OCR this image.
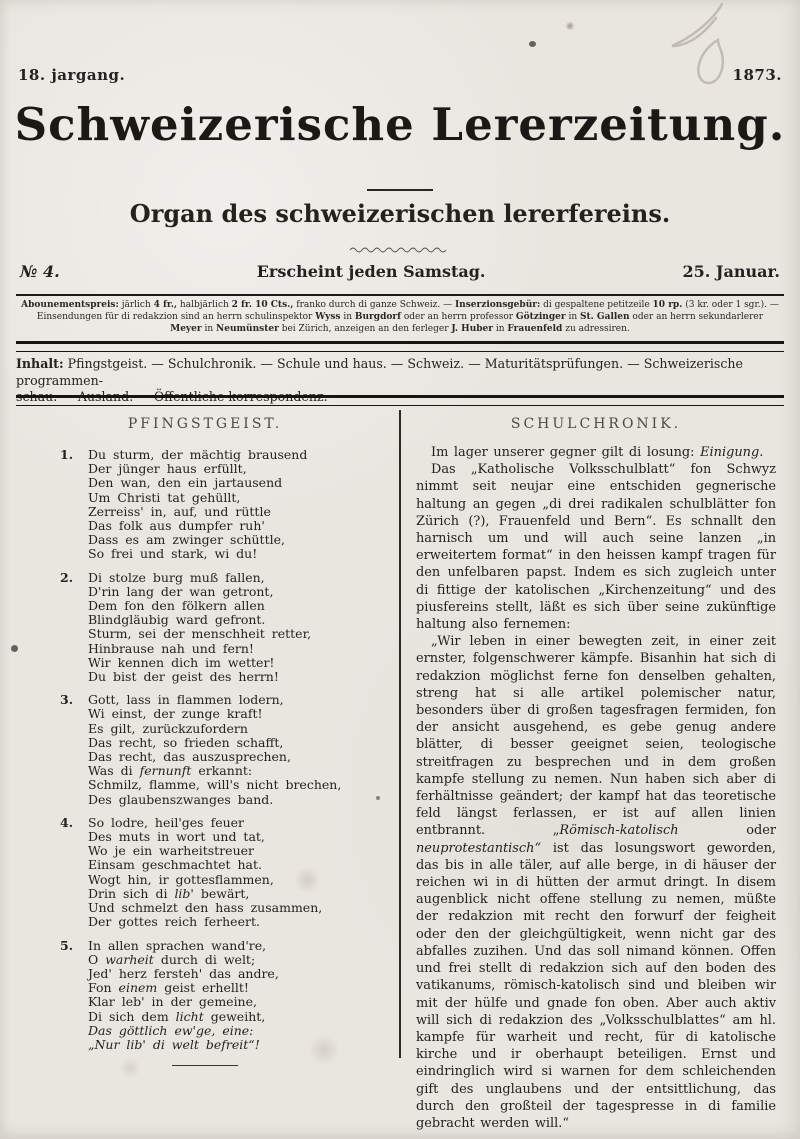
18. jargang.	1873.
Schweizerische Lererzeitung.
Organ des schweizerischen lererfereins.
№ 4.	Erscheint jeden Samstag.	25. Januar.
Abounementspreis: järlich 4 fr., halbjärlich 2 fr. 10 Cts., franko durch di ganze Schweiz. — Inserzionsgebür: di gespaltene petitzeile 10 rp. (3 kr. oder 1 sgr.). —
Einsendungen für di redakzion sind an herrn schulinspektor Wyss in Burgdorf oder an herrn professor Götzinger in St. Gallen oder an herrn sekundarlerer
Meyer in Neumünster bei Zürich, anzeigen an den ferleger J. Huber in Frauenfeld zu adressiren.
Inhalt: Pfingstgeist. — Schulchronik. — Schule und haus. — Schweiz. — Maturitätsprüfungen. — Schweizerische programmen-
schau. — Ausland. — Öffentliche korrespondenz.
PFINGSTGEIST.
1. Du sturm, der mächtig brausend
Der jünger haus erfüllt,
Den wan, den ein jartausend
Um Christi tat gehüllt,
Zerreiss' in, auf, und rüttle
Das folk aus dumpfer ruh'
Dass es am zwinger schüttle,
So frei und stark, wi du!
2. Di stolze burg muß fallen,
D'rin lang der wan getront,
Dem fon den fölkern allen
Blindgläubig ward gefront.
Sturm, sei der menschheit retter,
Hinbrause nah und fern!
Wir kennen dich im wetter!
Du bist der geist des herrn!
3. Gott, lass in flammen lodern,
Wi einst, der zunge kraft!
Es gilt, zurückzufordern
Das recht, so frieden schafft,
Das recht, das auszusprechen,
Was di fernunft erkannt:
Schmilz, flamme, will's nicht brechen,
Des glaubenszwanges band.
4. So lodre, heil'ges feuer
Des muts in wort und tat,
Wo je ein warheitstreuer
Einsam geschmachtet hat.
Wogt hin, ir gottesflammen,
Drin sich di lib' bewärt,
Und schmelzt den hass zusammen,
Der gottes reich ferheert.
5. In allen sprachen wand're,
O warheit durch di welt;
Jed' herz fersteh' das andre,
Fon einem geist erhellt!
Klar leb' in der gemeine,
Di sich dem licht geweiht,
Das göttlich ew'ge, eine:
„Nur lib' di welt befreit“!
SCHULCHRONIK.

Im lager unserer gegner gilt di losung: Einigung.

Das „Katholische Volksschulblatt“ fon Schwyz nimmt seit neujar eine entschiden gegnerische haltung an gegen „di drei radikalen schulblätter fon Zürich (?), Frauenfeld und Bern“. Es schnallt den harnisch um und will auch seine lanzen „in erweitertem format“ in den heissen kampf tragen für den unfelbaren papst. Indem es sich zugleich unter di fittige der katolischen „Kirchenzeitung“ und des piusfereins stellt, läßt es sich über seine zukünftige haltung also fernemen:

„Wir leben in einer bewegten zeit, in einer zeit ernster, folgenschwerer kämpfe. Bisanhin hat sich di redakzion möglichst ferne fon denselben gehalten, streng hat si alle artikel polemischer natur, besonders über di großen tagesfragen fermiden, fon der ansicht ausgehend, es gebe genug andere blätter, di besser geeignet seien, teologische streitfragen zu besprechen und in dem großen kampfe stellung zu nemen. Nun haben sich aber di ferhältnisse geändert; der kampf hat das teoretische feld längst ferlassen, er ist auf allen linien entbrannt. „Römisch-katolisch oder neuprotestantisch“ ist das losungswort geworden, das bis in alle täler, auf alle berge, in di häuser der reichen wi in di hütten der armut dringt. In disem augenblick nicht offene stellung zu nemen, müßte der redakzion mit recht den forwurf der feigheit oder den der gleichgültigkeit, wenn nicht gar des abfalles zuzihen. Und das soll nimand können. Offen und frei stellt di redakzion sich auf den boden des vatikanums, römisch-katolisch sind und bleiben wir mit der hülfe und gnade fon oben. Aber auch aktiv will sich di redakzion des „Volksschulblattes“ am hl. kampfe für warheit und recht, für di katolische kirche und ir oberhaupt beteiligen. Ernst und eindringlich wird si warnen for dem schleichenden gift des unglaubens und der entsittlichung, das durch den großteil der tagespresse in di familie gebracht werden will.“
